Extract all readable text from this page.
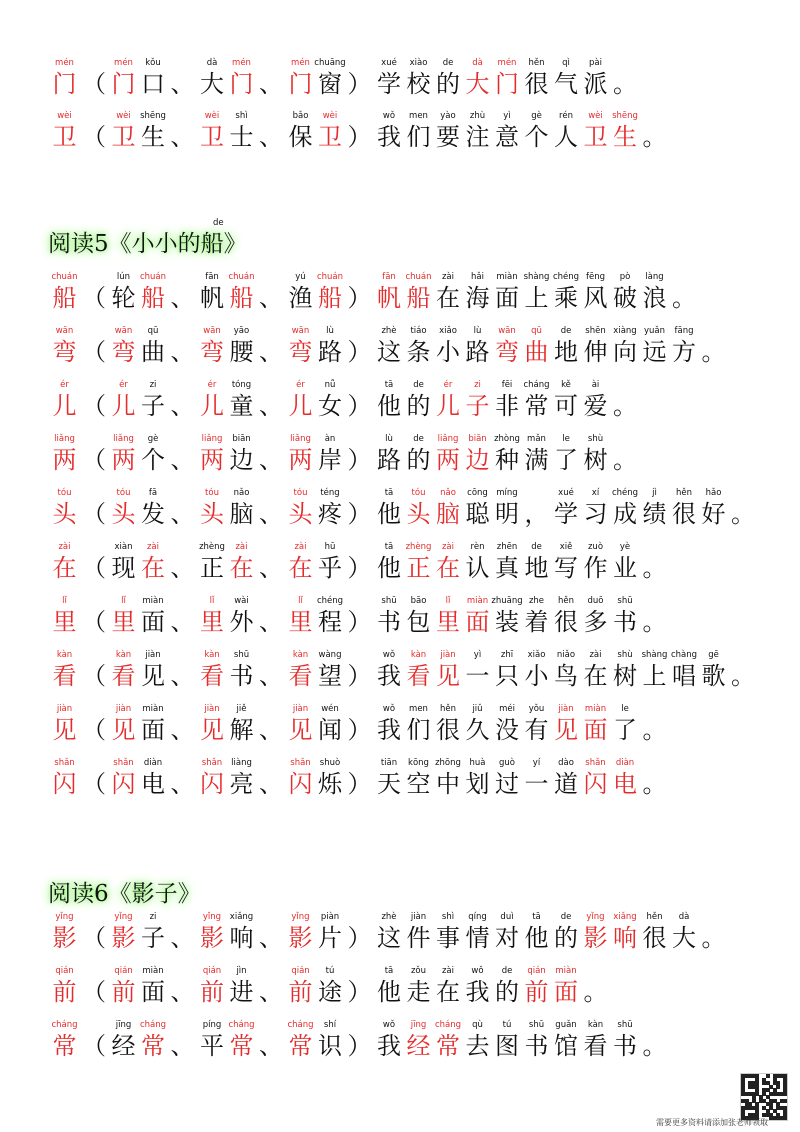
阅读5《小小的船》
de
阅读6《影子》
mén
门 （
mén
门
kǒu
口 、
dà
大
mén
门 、
mén
门
chuāng
窗 ）
xué
学
xiào
校
de
的
dà
大
mén
门
hěn
很
qì
气
pài
派 。
wèi
卫 （
wèi
卫
shēng
生 、
wèi
卫
shì
士 、
bǎo
保
wèi
卫 ）
wǒ
我
men
们
yào
要
zhù
注
yì
意
gè
个
rén
人
wèi
卫
shēng
生 。
chuán
船 （
lún
轮
chuán
船 、
fān
帆
chuán
船 、
yú
渔
chuán
船 ）
fān
帆
chuán
船
zài
在
hǎi
海
miàn
面
shàng
上
chéng
乘
fēng
风
pò
破
làng
浪 。
wān
弯 （
wān
弯
qū
曲 、
wān
弯
yāo
腰 、
wān
弯
lù
路 ）
zhè
这
tiáo
条
xiǎo
小
lù
路
wān
弯
qū
曲
de
地
shēn
伸
xiàng
向
yuǎn
远
fāng
方 。
ér
儿 （
ér
儿
zi
子 、
ér
儿
tóng
童 、
ér
儿
nǚ
女 ）
tā
他
de
的
ér
儿
zi
子
fēi
非
cháng
常
kě
可
ài
爱 。
liǎng
两 （
liǎng
两
gè
个 、
liǎng
两
biān
边 、
liǎng
两
àn
岸 ）
lù
路
de
的
liǎng
两
biān
边
zhòng
种
mǎn
满
le
了
shù
树 。
tóu
头 （
tóu
头
fā
发 、
tóu
头
nǎo
脑 、
tóu
头
téng
疼 ）
tā
他
tóu
头
nǎo
脑
cōng
聪
míng
明 ，
xué
学
xí
习
chéng
成
jì
绩
hěn
很
hǎo
好 。
zài
在 （
xiàn
现
zài
在 、
zhèng
正
zài
在 、
zài
在
hū
乎 ）
tā
他
zhèng
正
zài
在
rèn
认
zhēn
真
de
地
xiě
写
zuò
作
yè
业 。
lǐ
里 （
lǐ
里
miàn
面 、
lǐ
里
wài
外 、
lǐ
里
chéng
程 ）
shū
书
bāo
包
lǐ
里
miàn
面
zhuāng
装
zhe
着
hěn
很
duō
多
shū
书 。
kàn
看 （
kàn
看
jiàn
见 、
kàn
看
shū
书 、
kàn
看
wàng
望 ）
wǒ
我
kàn
看
jiàn
见
yì
一
zhī
只
xiǎo
小
niǎo
鸟
zài
在
shù
树
shàng
上
chàng
唱
gē
歌 。
jiàn
见 （
jiàn
见
miàn
面 、
jiàn
见
jiě
解 、
jiàn
见
wén
闻 ）
wǒ
我
men
们
hěn
很
jiǔ
久
méi
没
yǒu
有
jiàn
见
miàn
面
le
了 。
shǎn
闪 （
shǎn
闪
diàn
电 、
shǎn
闪
liàng
亮 、
shǎn
闪
shuò
烁 ）
tiān
天
kōng
空
zhōng
中
huà
划
guò
过
yí
一
dào
道
shǎn
闪
diàn
电 。
yǐng
影 （
yǐng
影
zi
子 、
yǐng
影
xiǎng
响 、
yǐng
影
piàn
片 ）
zhè
这
jiàn
件
shì
事
qíng
情
duì
对
tā
他
de
的
yǐng
影
xiǎng
响
hěn
很
dà
大 。
qián
前 （
qián
前
miàn
面 、
qián
前
jìn
进 、
qián
前
tú
途 ）
tā
他
zǒu
走
zài
在
wǒ
我
de
的
qián
前
miàn
面 。
cháng
常 （
jīng
经
cháng
常 、
píng
平
cháng
常 、
cháng
常
shí
识 ）
wǒ
我
jīng
经
cháng
常
qù
去
tú
图
shū
书
guǎn
馆
kàn
看
shū
书 。
需要更多资料请添加张老师领取
